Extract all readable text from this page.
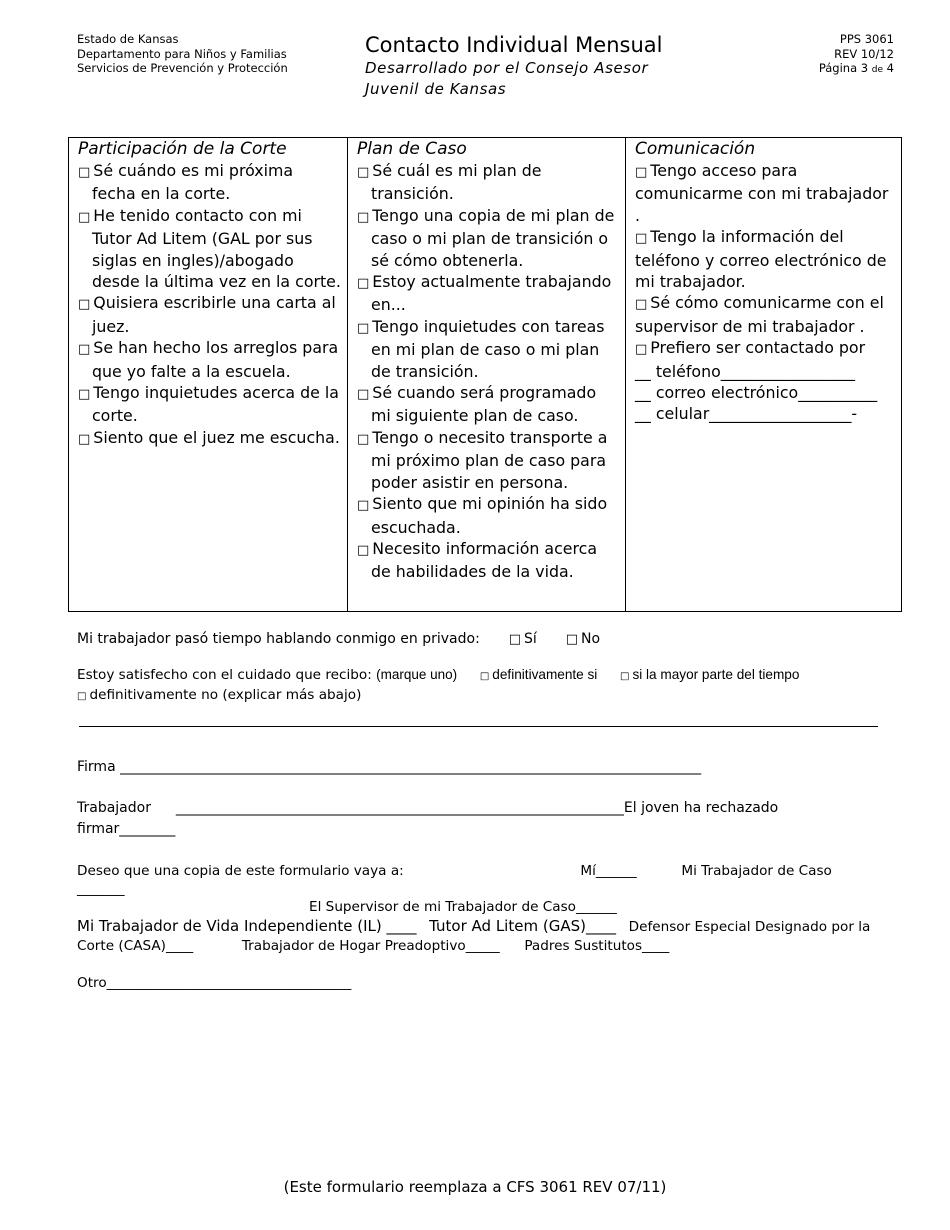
Estado de Kansas
Departamento para Niños y Familias
Servicios de Prevención y Protección
Contacto Individual Mensual
Desarrollado por el Consejo Asesor
Juvenil de Kansas
PPS 3061
REV 10/12
Página 3 de 4
Participación de la Corte
□ Sé cuándo es mi próxima fecha en la corte.
□ He tenido contacto con mi Tutor Ad Litem (GAL por sus siglas en ingles)/abogado desde la última vez en la corte.
□ Quisiera escribirle una carta al juez.
□ Se han hecho los arreglos para que yo falte a la escuela.
□ Tengo inquietudes acerca de la corte.
□ Siento que el juez me escucha.
Plan de Caso
□ Sé cuál es mi plan de transición.
□ Tengo una copia de mi plan de caso o mi plan de transición o sé cómo obtenerla.
□ Estoy actualmente trabajando en...
□ Tengo inquietudes con tareas en mi plan de caso o mi plan de transición.
□ Sé cuando será programado mi siguiente plan de caso.
□ Tengo o necesito transporte a mi próximo plan de caso para poder asistir en persona.
□ Siento que mi opinión ha sido escuchada.
□ Necesito información acerca de habilidades de la vida.
Comunicación
□ Tengo acceso para comunicarme con mi trabajador .
□ Tengo la información del teléfono y correo electrónico de mi trabajador.
□ Sé cómo comunicarme con el supervisor de mi trabajador .
□ Prefiero ser contactado por
__ teléfono_________________
__ correo electrónico__________
__ celular__________________-
Mi trabajador pasó tiempo hablando conmigo en privado: □ Sí □ No
Estoy satisfecho con el cuidado que recibo: (marque uno) □ definitivamente si □ si la mayor parte del tiempo  □ definitivamente no (explicar más abajo)
Firma ___________________________________________________________________________________
Trabajador ________________________________________________________________El joven ha rechazado firmar________
Deseo que una copia de este formulario vaya a:	Mí______	Mi Trabajador de Caso _______
El Supervisor de mi Trabajador de Caso______
Mi Trabajador de Vida Independiente (IL) ____ Tutor Ad Litem (GAS)____ Defensor Especial Designado por la Corte (CASA)____	Trabajador de Hogar Preadoptivo_____ Padres Sustitutos____
Otro____________________________________
(Este formulario reemplaza a CFS 3061 REV 07/11)
